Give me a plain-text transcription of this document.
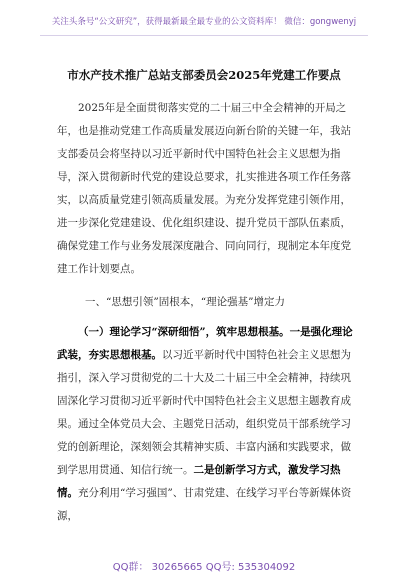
关注头条号“公文研究”，获得最新最全最专业的公文资料库！ 微信：gongwenyj
市水产技术推广总站支部委员会2025年党建工作要点

2025年是全面贯彻落实党的二十届三中全会精神的开局之年，也是推动党建工作高质量发展迈向新台阶的关键一年，我站支部委员会将坚持以习近平新时代中国特色社会主义思想为指导，深入贯彻新时代党的建设总要求，扎实推进各项工作任务落实，以高质量党建引领高质量发展。为充分发挥党建引领作用，进一步深化党建建设、优化组织建设、提升党员干部队伍素质，确保党建工作与业务发展深度融合、同向同行，现制定本年度党建工作计划要点。

一、“思想引领”固根本，“理论强基”增定力

（一）理论学习“深研细悟”，筑牢思想根基。一是强化理论武装，夯实思想根基。以习近平新时代中国特色社会主义思想为指引，深入学习贯彻党的二十大及二十届三中全会精神，持续巩固深化学习贯彻习近平新时代中国特色社会主义思想主题教育成果。通过全体党员大会、主题党日活动，组织党员干部系统学习党的创新理论，深刻领会其精神实质、丰富内涵和实践要求，做到学思用贯通、知信行统一。二是创新学习方式，激发学习热情。充分利用“学习强国”、甘肃党建、在线学习平台等新媒体资源，

QQ群： 30265665 QQ号: 535304092
